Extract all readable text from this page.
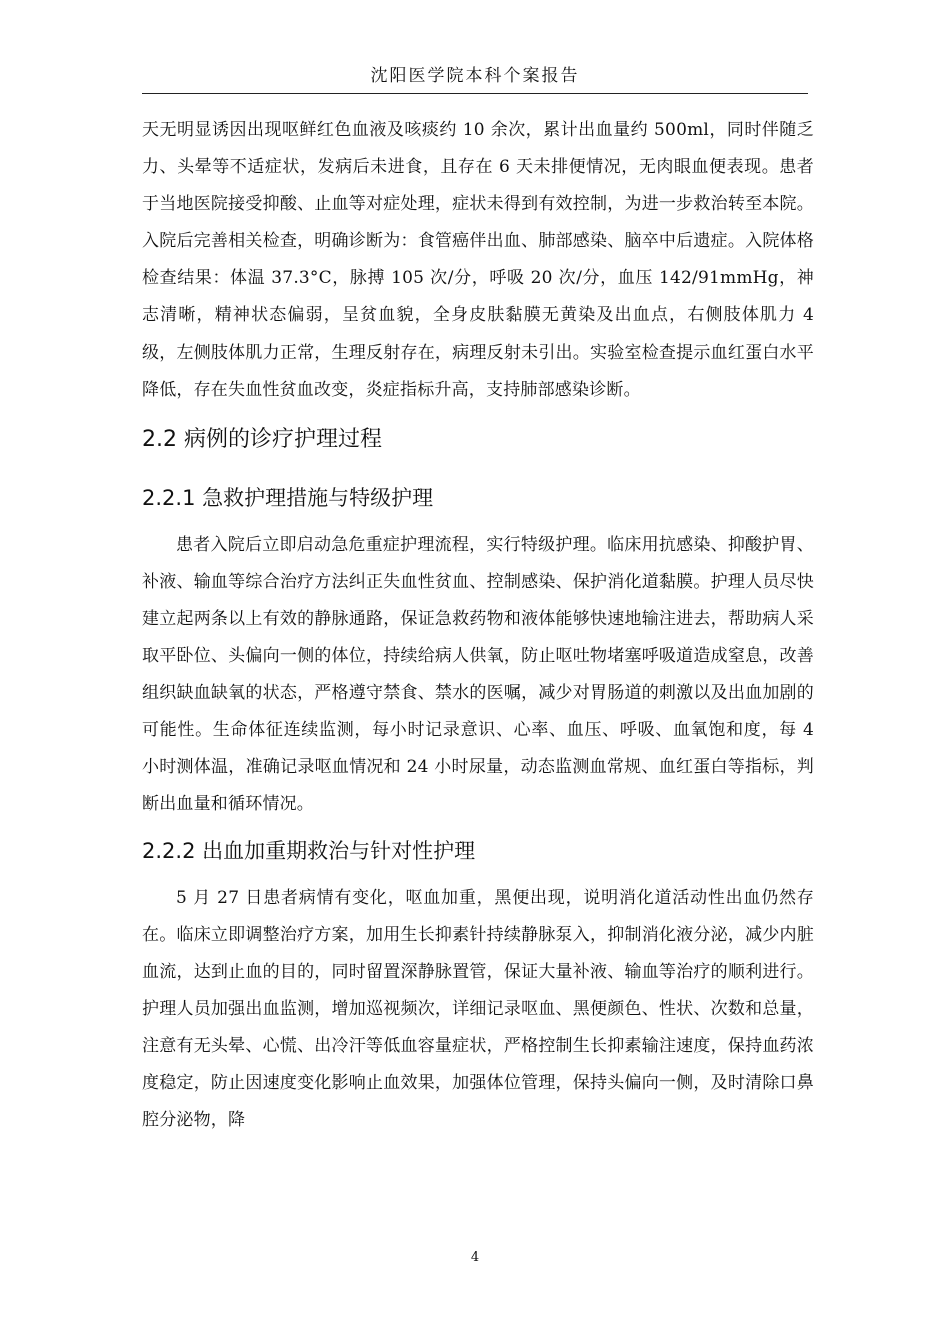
沈阳医学院本科个案报告

天无明显诱因出现呕鲜红色血液及咳痰约 10 余次，累计出血量约 500ml，同时伴随乏力、头晕等不适症状，发病后未进食，且存在 6 天未排便情况，无肉眼血便表现。患者于当地医院接受抑酸、止血等对症处理，症状未得到有效控制，为进一步救治转至本院。入院后完善相关检查，明确诊断为：食管癌伴出血、肺部感染、脑卒中后遗症。入院体格检查结果：体温 37.3°C，脉搏 105 次/分，呼吸 20 次/分，血压 142/91mmHg，神志清晰，精神状态偏弱，呈贫血貌，全身皮肤黏膜无黄染及出血点，右侧肢体肌力 4 级，左侧肢体肌力正常，生理反射存在，病理反射未引出。实验室检查提示血红蛋白水平降低，存在失血性贫血改变，炎症指标升高，支持肺部感染诊断。

2.2 病例的诊疗护理过程
2.2.1 急救护理措施与特级护理

患者入院后立即启动急危重症护理流程，实行特级护理。临床用抗感染、抑酸护胃、补液、输血等综合治疗方法纠正失血性贫血、控制感染、保护消化道黏膜。护理人员尽快建立起两条以上有效的静脉通路，保证急救药物和液体能够快速地输注进去，帮助病人采取平卧位、头偏向一侧的体位，持续给病人供氧，防止呕吐物堵塞呼吸道造成窒息，改善组织缺血缺氧的状态，严格遵守禁食、禁水的医嘱，减少对胃肠道的刺激以及出血加剧的可能性。生命体征连续监测，每小时记录意识、心率、血压、呼吸、血氧饱和度，每 4 小时测体温，准确记录呕血情况和 24 小时尿量，动态监测血常规、血红蛋白等指标，判断出血量和循环情况。

2.2.2 出血加重期救治与针对性护理

5 月 27 日患者病情有变化，呕血加重，黑便出现，说明消化道活动性出血仍然存在。临床立即调整治疗方案，加用生长抑素针持续静脉泵入，抑制消化液分泌，减少内脏血流，达到止血的目的，同时留置深静脉置管，保证大量补液、输血等治疗的顺利进行。护理人员加强出血监测，增加巡视频次，详细记录呕血、黑便颜色、性状、次数和总量，注意有无头晕、心慌、出冷汗等低血容量症状，严格控制生长抑素输注速度，保持血药浓度稳定，防止因速度变化影响止血效果，加强体位管理，保持头偏向一侧，及时清除口鼻腔分泌物，降

4
